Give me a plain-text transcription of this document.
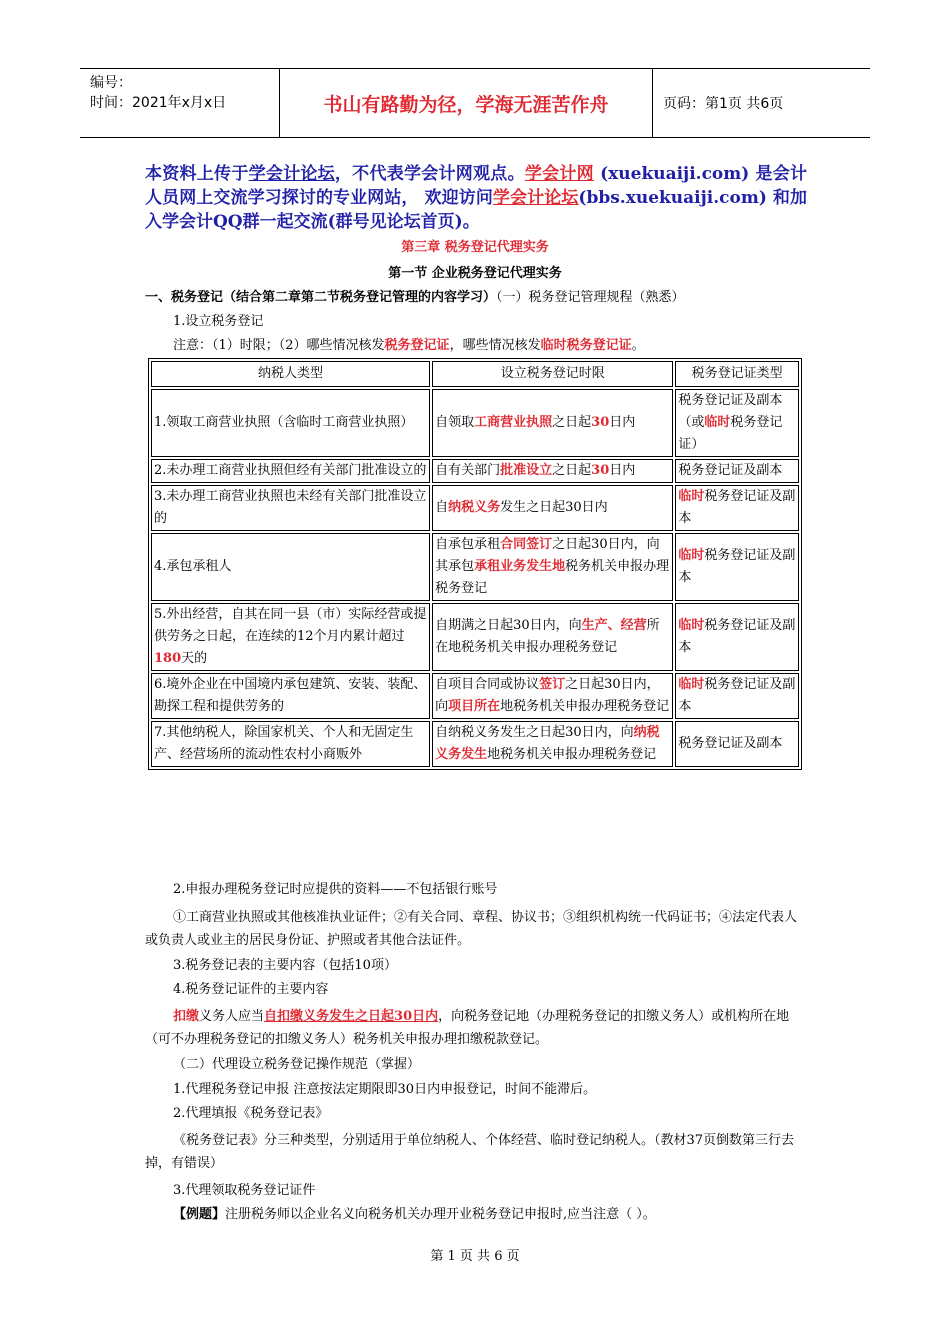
编号：
时间：2021年x月x日	书山有路勤为径，学海无涯苦作舟	页码：第1页 共6页
本资料上传于学会计论坛，不代表学会计网观点。学会计网 (xuekuaiji.com) 是会计人员网上交流学习探讨的专业网站， 欢迎访问学会计论坛(bbs.xuekuaiji.com) 和加入学会计QQ群一起交流(群号见论坛首页)。
第三章 税务登记代理实务
第一节 企业税务登记代理实务
一、税务登记（结合第二章第二节税务登记管理的内容学习）（一）税务登记管理规程（熟悉）
1.设立税务登记
注意：（1）时限；（2）哪些情况核发税务登记证，哪些情况核发临时税务登记证。
纳税人类型	设立税务登记时限	税务登记证类型
1.领取工商营业执照（含临时工商营业执照）	自领取工商营业执照之日起30日内	税务登记证及副本（或临时税务登记证）
2.未办理工商营业执照但经有关部门批准设立的	自有关部门批准设立之日起30日内	税务登记证及副本
3.未办理工商营业执照也未经有关部门批准设立的	自纳税义务发生之日起30日内	临时税务登记证及副本
4.承包承租人	自承包承租合同签订之日起30日内，向其承包承租业务发生地税务机关申报办理税务登记	临时税务登记证及副本
5.外出经营，自其在同一县（市）实际经营或提供劳务之日起，在连续的12个月内累计超过180天的	自期满之日起30日内，向生产、经营所在地税务机关申报办理税务登记	临时税务登记证及副本
6.境外企业在中国境内承包建筑、安装、装配、勘探工程和提供劳务的	自项目合同或协议签订之日起30日内，向项目所在地税务机关申报办理税务登记	临时税务登记证及副本
7.其他纳税人，除国家机关、个人和无固定生产、经营场所的流动性农村小商贩外	自纳税义务发生之日起30日内，向纳税义务发生地税务机关申报办理税务登记	税务登记证及副本
2.申报办理税务登记时应提供的资料——不包括银行账号
①工商营业执照或其他核准执业证件；②有关合同、章程、协议书；③组织机构统一代码证书；④法定代表人或负责人或业主的居民身份证、护照或者其他合法证件。
3.税务登记表的主要内容（包括10项）
4.税务登记证件的主要内容
扣缴义务人应当自扣缴义务发生之日起30日内，向税务登记地（办理税务登记的扣缴义务人）或机构所在地（可不办理税务登记的扣缴义务人）税务机关申报办理扣缴税款登记。
（二）代理设立税务登记操作规范（掌握）
1.代理税务登记申报 注意按法定期限即30日内申报登记，时间不能滞后。
2.代理填报《税务登记表》
《税务登记表》分三种类型，分别适用于单位纳税人、个体经营、临时登记纳税人。（教材37页倒数第三行去掉，有错误）
3.代理领取税务登记证件
【例题】注册税务师以企业名义向税务机关办理开业税务登记申报时,应当注意（ ）。
第 1 页 共 6 页
